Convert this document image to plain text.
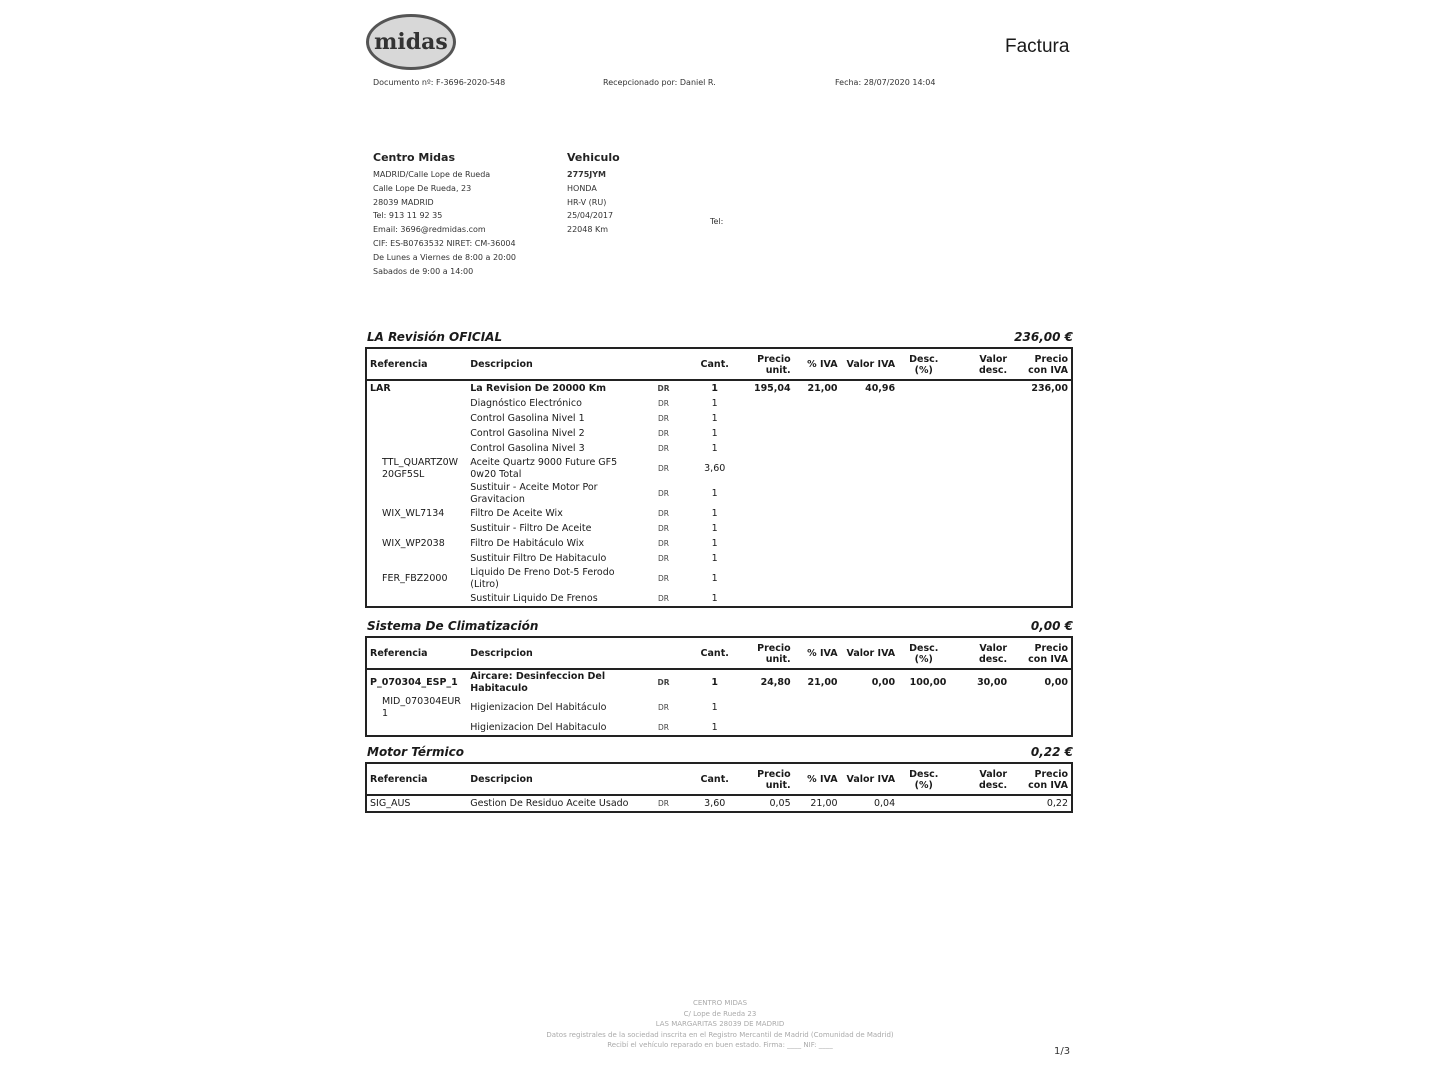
midas	Factura
Documento nº: F-3696-2020-548	Recepcionado por: Daniel R.	Fecha: 28/07/2020 14:04
Centro Midas
MADRID/Calle Lope de Rueda
Calle Lope De Rueda, 23
28039 MADRID
Tel: 913 11 92 35
Email: 3696@redmidas.com
CIF: ES-B0763532 NIRET: CM-36004
De Lunes a Viernes de 8:00 a 20:00
Sabados de 9:00 a 14:00
Vehiculo
2775JYM
HONDA
HR-V (RU)
25/04/2017
22048 Km
Tel:
LA Revisión OFICIAL	236,00 €
Referencia	Descripcion		Cant.	Precio unit.	% IVA	Valor IVA	Desc. (%)	Valor desc.	Precio con IVA
LAR	La Revision De 20000 Km	DR	1	195,04	21,00	40,96			236,00
	Diagnóstico Electrónico	DR	1						
	Control Gasolina Nivel 1	DR	1						
	Control Gasolina Nivel 2	DR	1						
	Control Gasolina Nivel 3	DR	1						
TTL_QUARTZ0W 20GF5SL	Aceite Quartz 9000 Future GF5 0w20 Total	DR	3,60						
	Sustituir - Aceite Motor Por Gravitacion	DR	1						
WIX_WL7134	Filtro De Aceite Wix	DR	1						
	Sustituir - Filtro De Aceite	DR	1						
WIX_WP2038	Filtro De Habitáculo Wix	DR	1						
	Sustituir Filtro De Habitaculo	DR	1						
FER_FBZ2000	Liquido De Freno Dot-5 Ferodo (Litro)	DR	1						
	Sustituir Liquido De Frenos	DR	1						
Sistema De Climatización	0,00 €
Referencia	Descripcion		Cant.	Precio unit.	% IVA	Valor IVA	Desc. (%)	Valor desc.	Precio con IVA
P_070304_ESP_1	Aircare: Desinfeccion Del Habitaculo	DR	1	24,80	21,00	0,00	100,00	30,00	0,00
MID_070304EUR 1	Higienizacion Del Habitáculo	DR	1						
	Higienizacion Del Habitaculo	DR	1						
Motor Térmico	0,22 €
Referencia	Descripcion		Cant.	Precio unit.	% IVA	Valor IVA	Desc. (%)	Valor desc.	Precio con IVA
SIG_AUS	Gestion De Residuo Aceite Usado	DR	3,60	0,05	21,00	0,04			0,22
CENTRO MIDAS
C/ Lope de Rueda 23
LAS MARGARITAS 28039 DE MADRID
Datos registrales de la sociedad inscrita en el Registro Mercantil de Madrid (Comunidad de Madrid)
Recibí el vehículo reparado en buen estado. Firma: ____ NIF: ____
1/3
